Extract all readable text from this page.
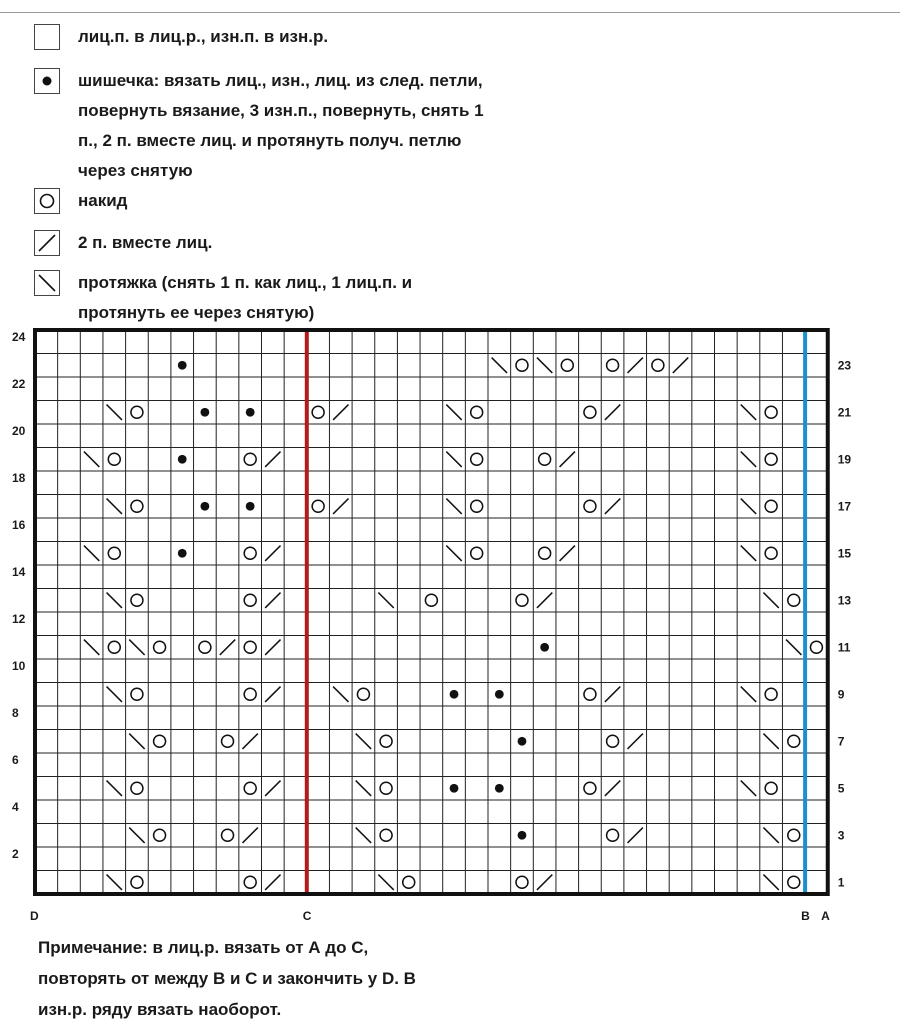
лиц.п. в лиц.р., изн.п. в изн.р.
шишечка: вязать лиц., изн., лиц. из след. петли,
повернуть вязание, 3 изн.п., повернуть, снять 1
п., 2 п. вместе лиц. и протянуть получ. петлю
через снятую
накид
2 п. вместе лиц.
протяжка (снять 1 п. как лиц., 1 лиц.п. и
протянуть ее через снятую)
24
22
20
18
16
14
12
10
8
6
4
2
23
21
19
17
15
13
11
9
7
5
3
1
D	C	B A
Примечание: в лиц.р. вязать от А до С,
повторять от между В и С и закончить у D. В
изн.р. ряду вязать наоборот.
